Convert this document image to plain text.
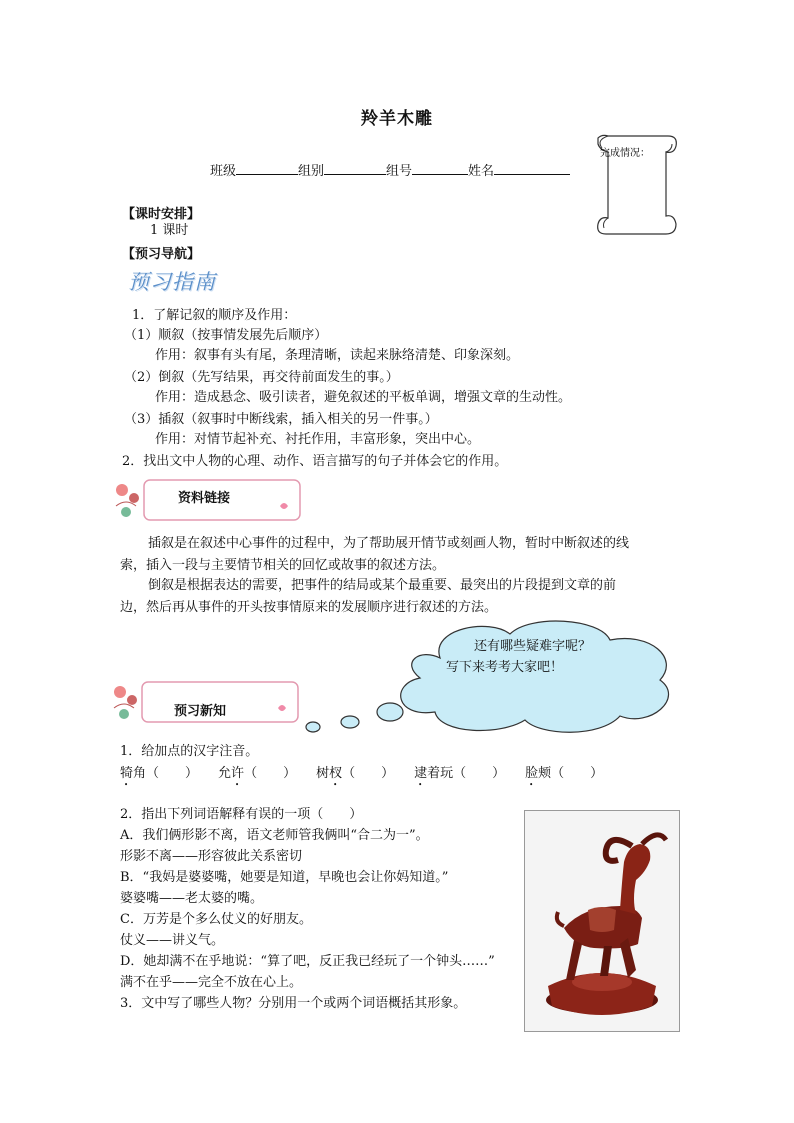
羚羊木雕
班级	组别	组号	姓名
完成情况：
【课时安排】
1 课时
【预习导航】
预习指南
1．了解记叙的顺序及作用：
（1）顺叙（按事情发展先后顺序）
作用：叙事有头有尾，条理清晰，读起来脉络清楚、印象深刻。
（2）倒叙（先写结果，再交待前面发生的事。）
作用：造成悬念、吸引读者，避免叙述的平板单调，增强文章的生动性。
（3）插叙（叙事时中断线索，插入相关的另一件事。）
作用：对情节起补充、衬托作用，丰富形象，突出中心。
2．找出文中人物的心理、动作、语言描写的句子并体会它的作用。
资料链接
插叙是在叙述中心事件的过程中，为了帮助展开情节或刻画人物，暂时中断叙述的线
索，插入一段与主要情节相关的回忆或故事的叙述方法。
倒叙是根据表达的需要，把事件的结局或某个最重要、最突出的片段提到文章的前
边，然后再从事件的开头按事情原来的发展顺序进行叙述的方法。
还有哪些疑难字呢？
写下来考考大家吧！
预习新知
1．给加点的汉字注音。
犄角（　　） 允许（　　） 树杈（　　） 逮着玩（　　） 脸颊（　　）
2．指出下列词语解释有误的一项（　　）
A．我们俩形影不离，语文老师管我俩叫“合二为一”。
形影不离——形容彼此关系密切
B．“我妈是婆婆嘴，她要是知道，早晚也会让你妈知道。”
婆婆嘴——老太婆的嘴。
C．万芳是个多么仗义的好朋友。
仗义——讲义气。
D．她却满不在乎地说：“算了吧，反正我已经玩了一个钟头……”
满不在乎——完全不放在心上。
3．文中写了哪些人物？分别用一个或两个词语概括其形象。
